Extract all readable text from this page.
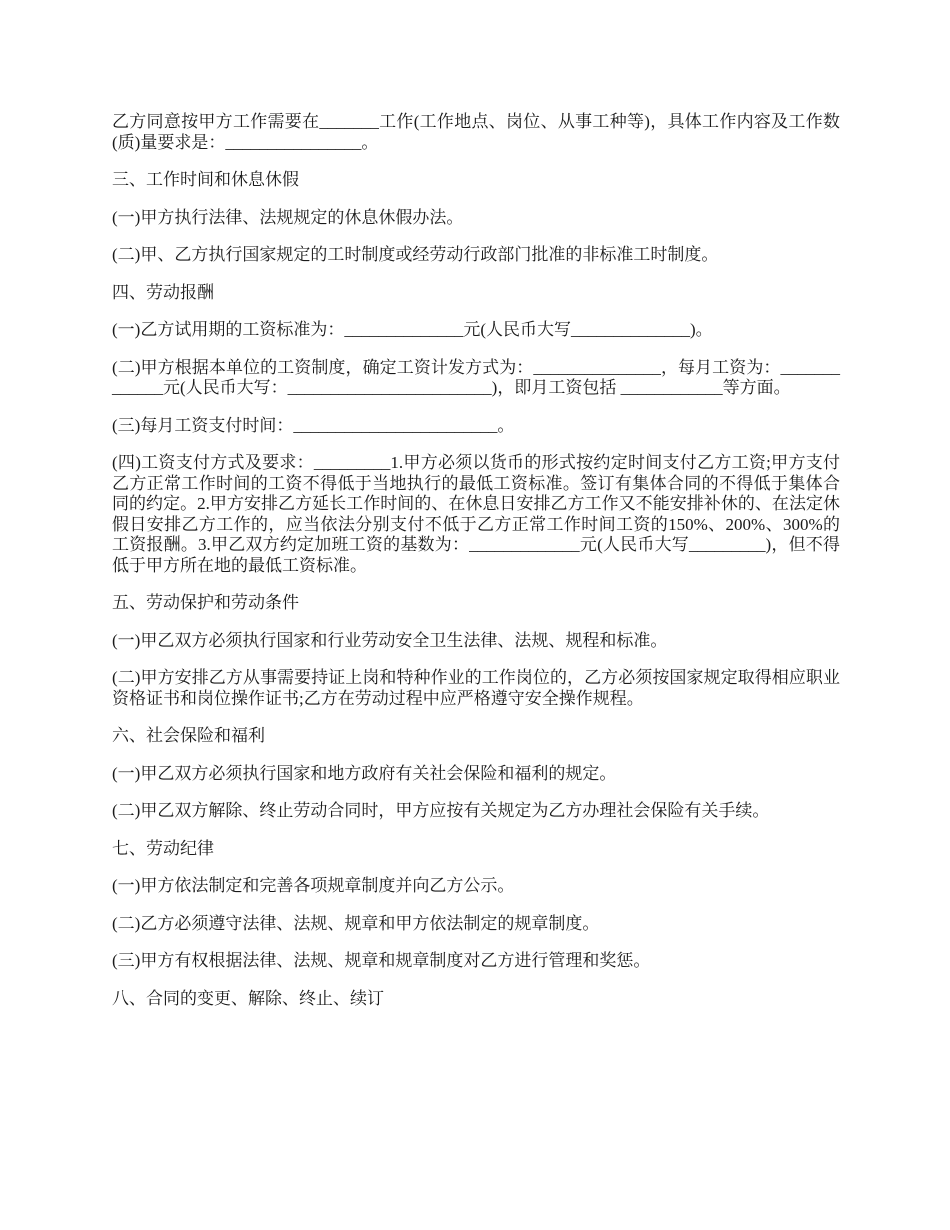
乙方同意按甲方工作需要在_______工作(工作地点、岗位、从事工种等)，具体工作内容及工作数(质)量要求是：________________。

三、工作时间和休息休假

(一)甲方执行法律、法规规定的休息休假办法。

(二)甲、乙方执行国家规定的工时制度或经劳动行政部门批准的非标准工时制度。

四、劳动报酬

(一)乙方试用期的工资标准为：______________元(人民币大写______________)。

(二)甲方根据本单位的工资制度，确定工资计发方式为：_______________，每月工资为：_____________元(人民币大写：________________________)，即月工资包括 ____________等方面。

(三)每月工资支付时间：________________________。

(四)工资支付方式及要求：_________1.甲方必须以货币的形式按约定时间支付乙方工资;甲方支付乙方正常工作时间的工资不得低于当地执行的最低工资标准。签订有集体合同的不得低于集体合同的约定。2.甲方安排乙方延长工作时间的、在休息日安排乙方工作又不能安排补休的、在法定休假日安排乙方工作的，应当依法分别支付不低于乙方正常工作时间工资的150%、200%、300%的工资报酬。3.甲乙双方约定加班工资的基数为：_____________元(人民币大写_________)，但不得低于甲方所在地的最低工资标准。

五、劳动保护和劳动条件

(一)甲乙双方必须执行国家和行业劳动安全卫生法律、法规、规程和标准。

(二)甲方安排乙方从事需要持证上岗和特种作业的工作岗位的，乙方必须按国家规定取得相应职业资格证书和岗位操作证书;乙方在劳动过程中应严格遵守安全操作规程。

六、社会保险和福利

(一)甲乙双方必须执行国家和地方政府有关社会保险和福利的规定。

(二)甲乙双方解除、终止劳动合同时，甲方应按有关规定为乙方办理社会保险有关手续。

七、劳动纪律

(一)甲方依法制定和完善各项规章制度并向乙方公示。

(二)乙方必须遵守法律、法规、规章和甲方依法制定的规章制度。

(三)甲方有权根据法律、法规、规章和规章制度对乙方进行管理和奖惩。

八、合同的变更、解除、终止、续订
